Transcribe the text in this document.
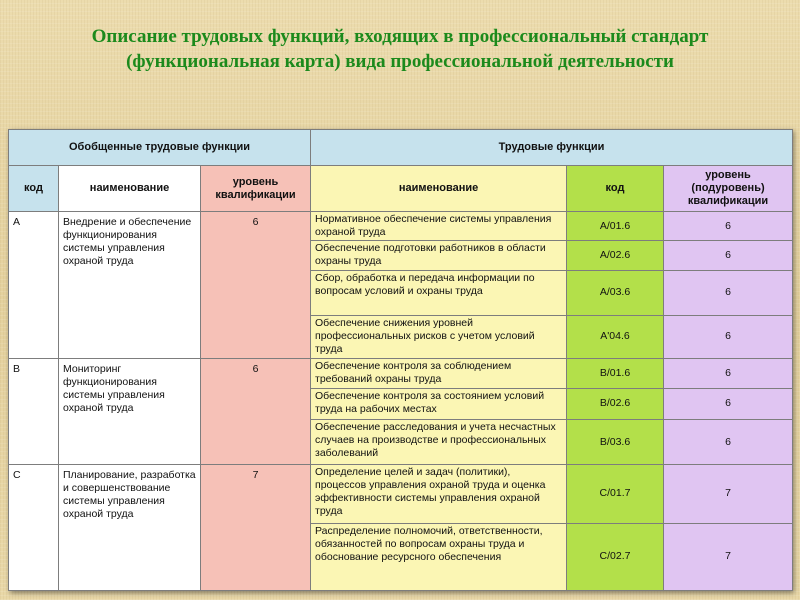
Описание трудовых функций, входящих в профессиональный стандарт
(функциональная карта) вида профессиональной деятельности
Обобщенные трудовые функции			Трудовые функции		
код	наименование	уровень квалификации	наименование	код	уровень (подуровень) квалификации
A	Внедрение и обеспечение функционирования системы управления охраной труда	6	Нормативное обеспечение системы управления охраной труда	A/01.6	6
			Обеспечение подготовки работников в области охраны труда	A/02.6	6
			Сбор, обработка и передача информации по вопросам условий и охраны труда	A/03.6	6
			Обеспечение снижения уровней профессиональных рисков с учетом условий труда	A'04.6	6
B	Мониторинг функционирования системы управления охраной труда	6	Обеспечение контроля за соблюдением требований охраны труда	B/01.6	6
			Обеспечение контроля за состоянием условий труда на рабочих местах	B/02.6	6
			Обеспечение расследования и учета несчастных случаев на производстве и профессиональных заболеваний	B/03.6	6
C	Планирование, разработка и совершенствование системы управления охраной труда	7	Определение целей и задач (политики), процессов управления охраной труда и оценка эффективности системы управления охраной труда	C/01.7	7
			Распределение полномочий, ответственности, обязанностей по вопросам охраны труда и обоснование ресурсного обеспечения	C/02.7	7
